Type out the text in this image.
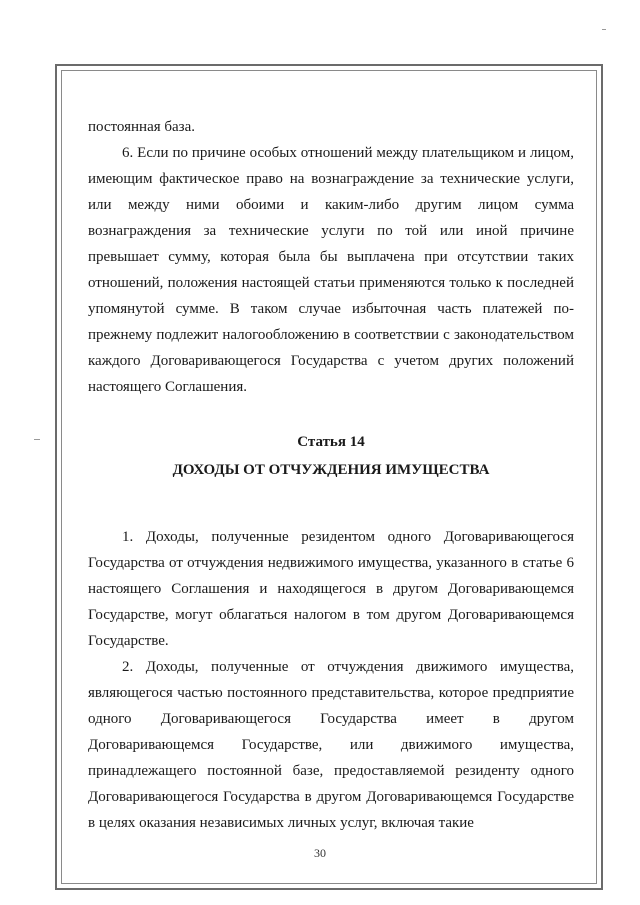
постоянная база.

6. Если по причине особых отношений между плательщиком и лицом, имеющим фактическое право на вознаграждение за технические услуги, или между ними обоими и каким-либо другим лицом сумма вознаграждения за технические услуги по той или иной причине превышает сумму, которая была бы выплачена при отсутствии таких отношений, положения настоящей статьи применяются только к последней упомянутой сумме. В таком случае избыточная часть платежей по-прежнему подлежит налогообложению в соответствии с законодательством каждого Договаривающегося Государства с учетом других положений настоящего Соглашения.

Статья 14
ДОХОДЫ ОТ ОТЧУЖДЕНИЯ ИМУЩЕСТВА

1. Доходы, полученные резидентом одного Договаривающегося Государства от отчуждения недвижимого имущества, указанного в статье 6 настоящего Соглашения и находящегося в другом Договаривающемся Государстве, могут облагаться налогом в том другом Договаривающемся Государстве.

2. Доходы, полученные от отчуждения движимого имущества, являющегося частью постоянного представительства, которое предприятие одного Договаривающегося Государства имеет в другом Договаривающемся Государстве, или движимого имущества, принадлежащего постоянной базе, предоставляемой резиденту одного Договаривающегося Государства в другом Договаривающемся Государстве в целях оказания независимых личных услуг, включая такие

30
